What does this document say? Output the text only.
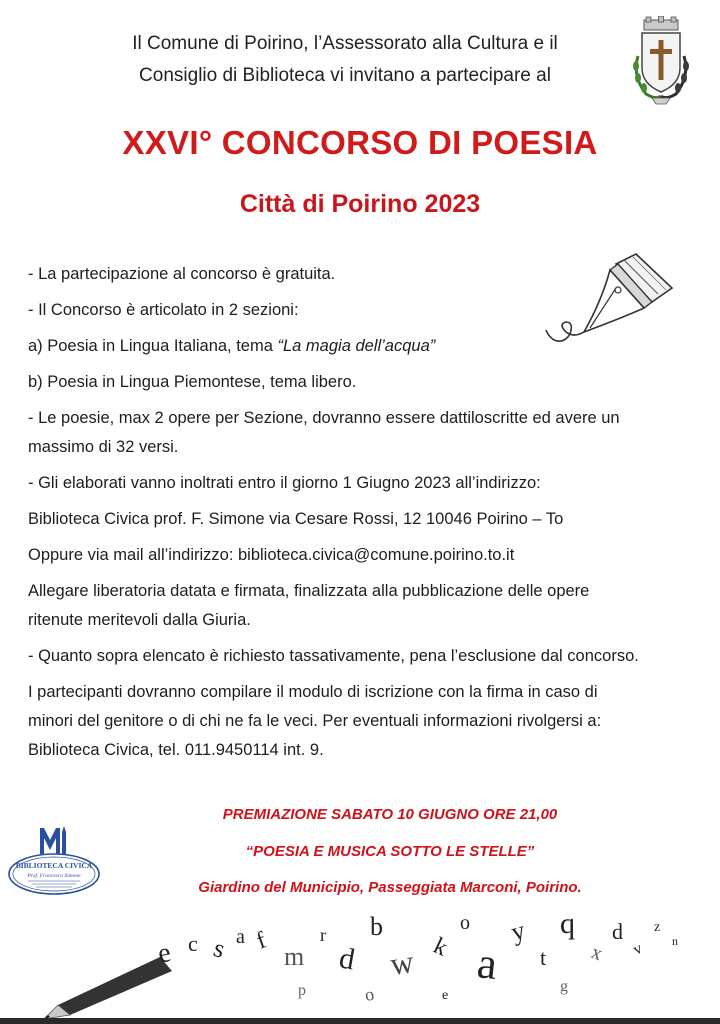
Il Comune di Poirino, l’Assessorato alla Cultura e il
Consiglio di Biblioteca vi invitano a partecipare al
XXVI° CONCORSO DI POESIA
Città di Poirino 2023
- La partecipazione al concorso è gratuita.
- Il Concorso è articolato in 2 sezioni:
a) Poesia in Lingua Italiana, tema “La magia dell’acqua”
b) Poesia in Lingua Piemontese, tema libero.
- Le poesie, max 2 opere per Sezione, dovranno essere dattiloscritte ed avere un
massimo di 32 versi.
- Gli elaborati vanno inoltrati entro il giorno 1 Giugno 2023 all’indirizzo:
Biblioteca Civica prof. F. Simone via Cesare Rossi, 12 10046 Poirino – To
Oppure via mail all’indirizzo: biblioteca.civica@comune.poirino.to.it
Allegare liberatoria datata e firmata, finalizzata alla pubblicazione delle opere
ritenute meritevoli dalla Giuria.
- Quanto sopra elencato è richiesto tassativamente, pena l’esclusione dal concorso.
I partecipanti dovranno compilare il modulo di iscrizione con la firma in caso di
minori del genitore o di chi ne fa le veci. Per eventuali informazioni rivolgersi a:
Biblioteca Civica, tel. 011.9450114 int. 9.
BIBLIOTECA CIVICA
Prof. Francesco Simone
PREMIAZIONE SABATO 10 GIUGNO ORE 21,00
“POESIA E MUSICA SOTTO LE STELLE”
Giardino del Municipio, Passeggiata Marconi, Poirino.
e c s a f
m
r
d
b
w k
o
a
y
t
q
x
d
v
z
n
p	o	e
g
